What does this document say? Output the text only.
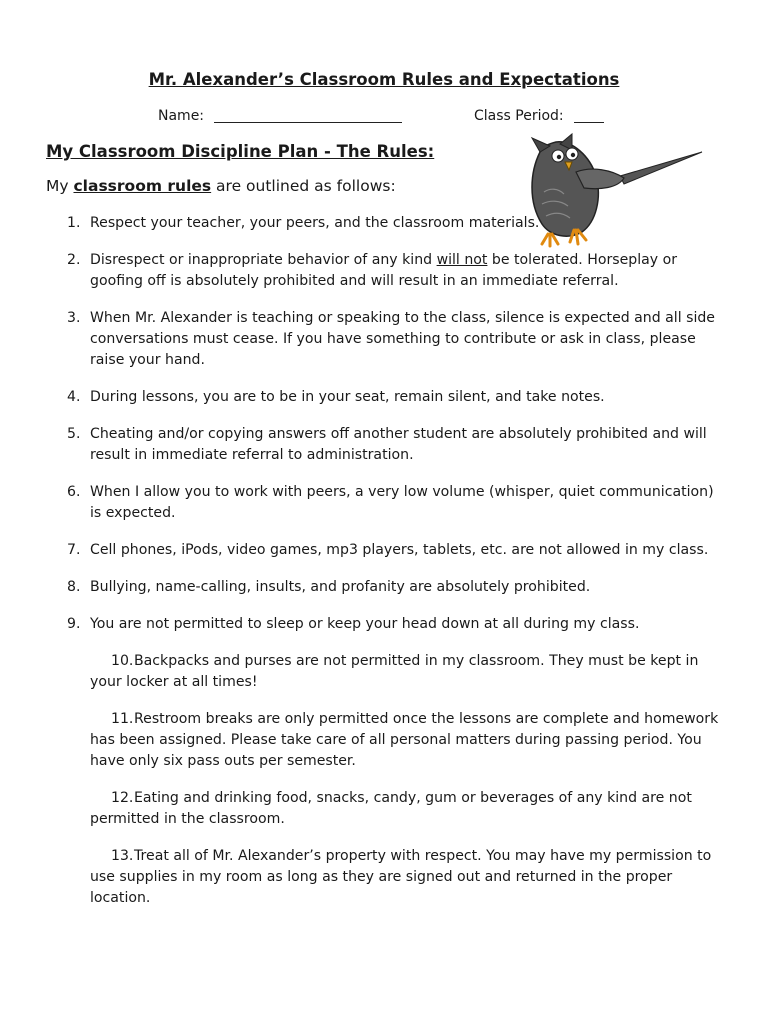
Mr. Alexander’s Classroom Rules and Expectations
Name:	Class Period:
My Classroom Discipline Plan - The Rules:
My classroom rules are outlined as follows:
1. Respect your teacher, your peers, and the classroom materials.
2. Disrespect or inappropriate behavior of any kind will not be tolerated. Horseplay or goofing off is absolutely prohibited and will result in an immediate referral.
3. When Mr. Alexander is teaching or speaking to the class, silence is expected and all side conversations must cease. If you have something to contribute or ask in class, please raise your hand.
4. During lessons, you are to be in your seat, remain silent, and take notes.
5. Cheating and/or copying answers off another student are absolutely prohibited and will result in immediate referral to administration.
6. When I allow you to work with peers, a very low volume (whisper, quiet communication) is expected.
7. Cell phones, iPods, video games, mp3 players, tablets, etc. are not allowed in my class.
8. Bullying, name-calling, insults, and profanity are absolutely prohibited.
9. You are not permitted to sleep or keep your head down at all during my class.
10. Backpacks and purses are not permitted in my classroom. They must be kept in your locker at all times!
11. Restroom breaks are only permitted once the lessons are complete and homework has been assigned. Please take care of all personal matters during passing period. You have only six pass outs per semester.
12. Eating and drinking food, snacks, candy, gum or beverages of any kind are not permitted in the classroom.
13. Treat all of Mr. Alexander’s property with respect. You may have my permission to use supplies in my room as long as they are signed out and returned in the proper location.
